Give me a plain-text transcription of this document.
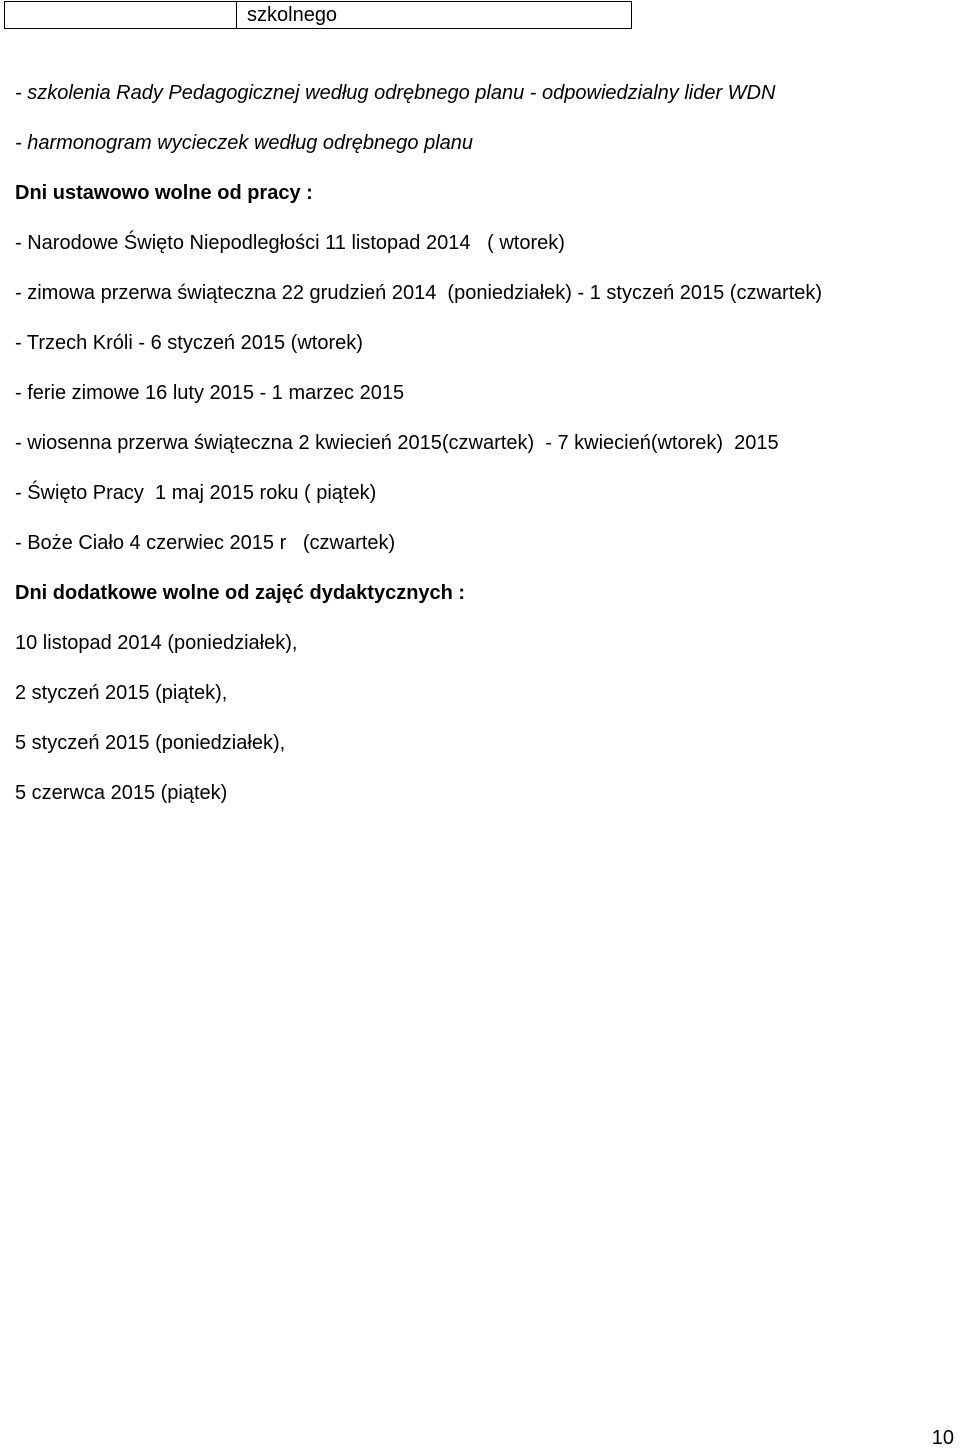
szkolnego
- szkolenia Rady Pedagogicznej według odrębnego planu - odpowiedzialny lider WDN
- harmonogram wycieczek według odrębnego planu
Dni ustawowo wolne od pracy :
- Narodowe Święto Niepodległości 11 listopad 2014   ( wtorek)
- zimowa przerwa świąteczna 22 grudzień 2014  (poniedziałek) - 1 styczeń 2015 (czwartek)
- Trzech Króli - 6 styczeń 2015 (wtorek)
- ferie zimowe 16 luty 2015 - 1 marzec 2015
- wiosenna przerwa świąteczna 2 kwiecień 2015(czwartek)  - 7 kwiecień(wtorek)  2015
- Święto Pracy  1 maj 2015 roku ( piątek)
- Boże Ciało 4 czerwiec 2015 r   (czwartek)
Dni dodatkowe wolne od zajęć dydaktycznych :
10 listopad 2014 (poniedziałek),
2 styczeń 2015 (piątek),
5 styczeń 2015 (poniedziałek),
5 czerwca 2015 (piątek)
10
